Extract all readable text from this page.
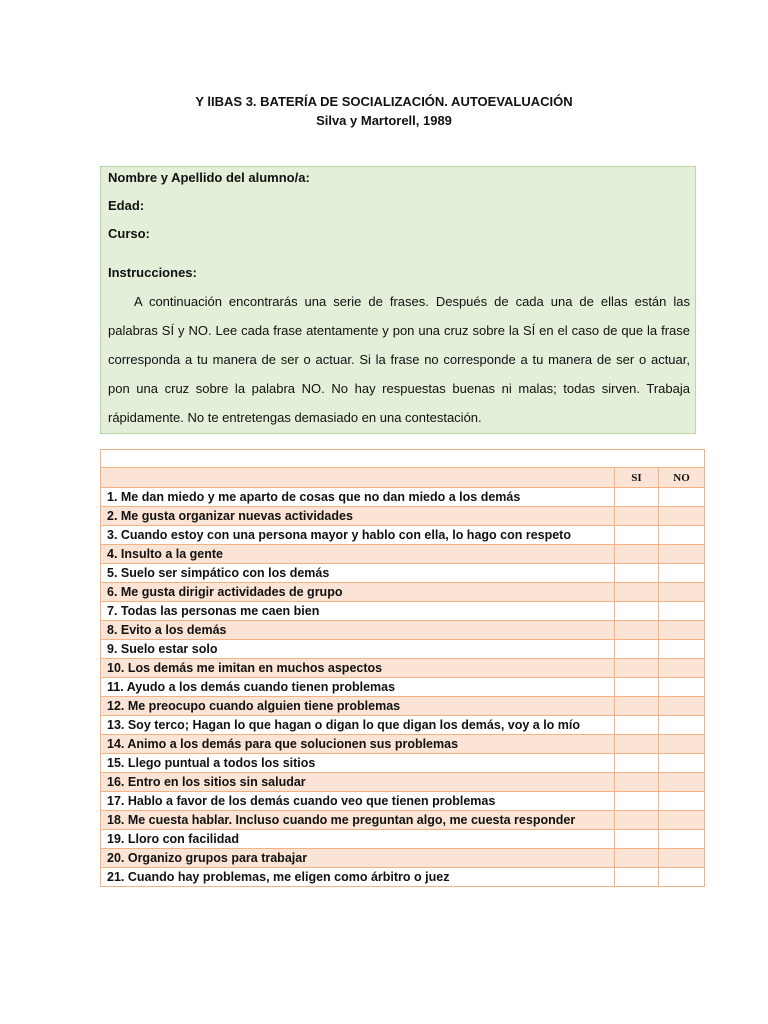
Y lIBAS 3. BATERÍA DE SOCIALIZACIÓN. AUTOEVALUACIÓN
Silva y Martorell, 1989
Nombre y Apellido del alumno/a:
Edad:
Curso:
Instrucciones:
A continuación encontrarás una serie de frases. Después de cada una de ellas están las palabras SÍ y NO. Lee cada frase atentamente y pon una cruz sobre la SÍ en el caso de que la frase corresponda a tu manera de ser o actuar. Si la frase no corresponde a tu manera de ser o actuar, pon una cruz sobre la palabra NO. No hay respuestas buenas ni malas; todas sirven. Trabaja rápidamente. No te entretengas demasiado en una contestación.

	SI	NO
1. Me dan miedo y me aparto de cosas que no dan miedo a los demás		
2. Me gusta organizar nuevas actividades		
3. Cuando estoy con una persona mayor y hablo con ella, lo hago con respeto		
4. Insulto a la gente		
5. Suelo ser simpático con los demás		
6. Me gusta dirigir actividades de grupo		
7. Todas las personas me caen bien		
8. Evito a los demás		
9. Suelo estar solo		
10. Los demás me imitan en muchos aspectos		
11. Ayudo a los demás cuando tienen problemas		
12. Me preocupo cuando alguien tiene problemas		
13. Soy terco; Hagan lo que hagan o digan lo que digan los demás, voy a lo mío		
14. Animo a los demás para que solucionen sus problemas		
15. Llego puntual a todos los sitios		
16. Entro en los sitios sin saludar		
17. Hablo a favor de los demás cuando veo que tienen problemas		
18. Me cuesta hablar. Incluso cuando me preguntan algo, me cuesta responder		
19. Lloro con facilidad		
20. Organizo grupos para trabajar		
21. Cuando hay problemas, me eligen como árbitro o juez		
